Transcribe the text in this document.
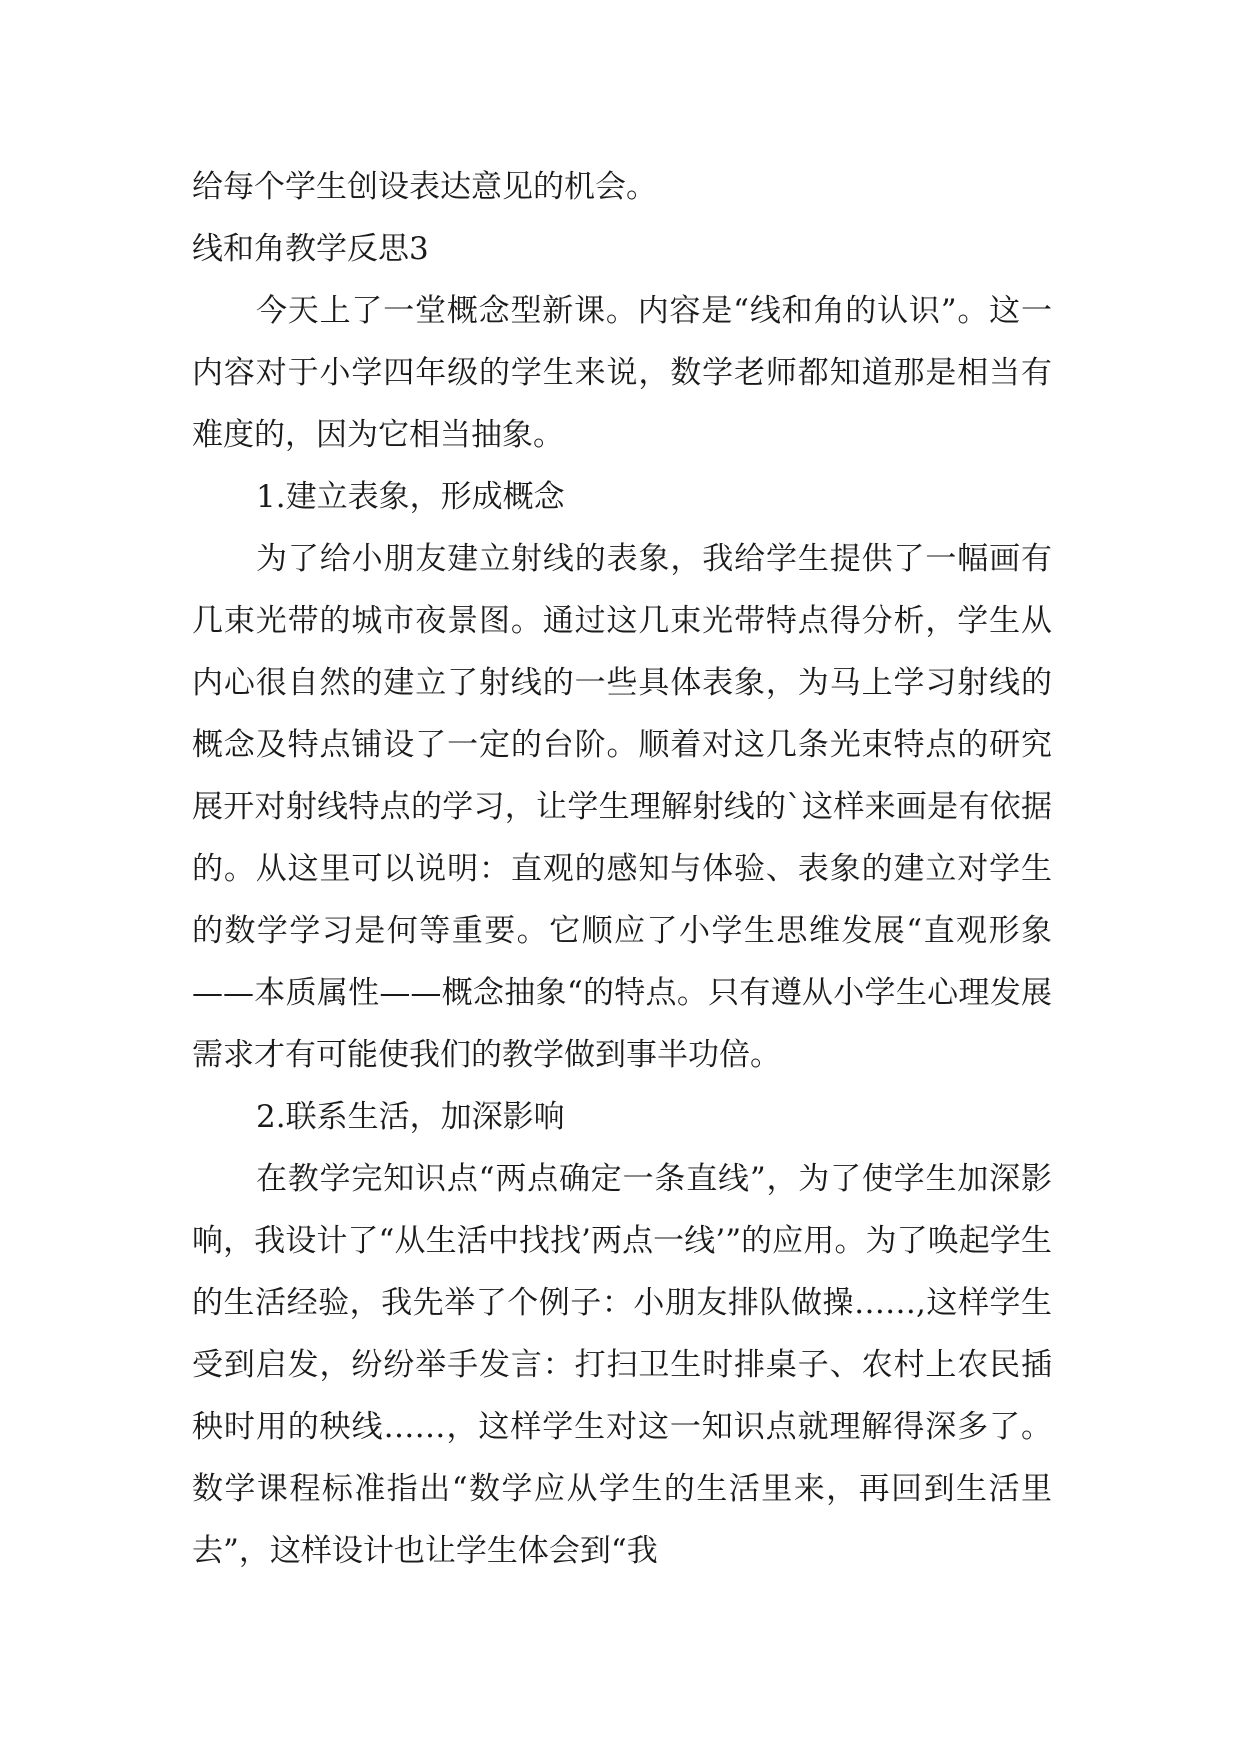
给每个学生创设表达意见的机会。

线和角教学反思3

今天上了一堂概念型新课。内容是“线和角的认识”。这一内容对于小学四年级的学生来说，数学老师都知道那是相当有难度的，因为它相当抽象。

1.建立表象，形成概念

为了给小朋友建立射线的表象，我给学生提供了一幅画有几束光带的城市夜景图。通过这几束光带特点得分析，学生从内心很自然的建立了射线的一些具体表象，为马上学习射线的概念及特点铺设了一定的台阶。顺着对这几条光束特点的研究展开对射线特点的学习，让学生理解射线的`这样来画是有依据的。从这里可以说明：直观的感知与体验、表象的建立对学生的数学学习是何等重要。它顺应了小学生思维发展“直观形象——本质属性——概念抽象“的特点。只有遵从小学生心理发展需求才有可能使我们的教学做到事半功倍。

2.联系生活，加深影响

在教学完知识点“两点确定一条直线”，为了使学生加深影响，我设计了“从生活中找找’两点一线’”的应用。为了唤起学生的生活经验，我先举了个例子：小朋友排队做操……,这样学生受到启发，纷纷举手发言：打扫卫生时排桌子、农村上农民插秧时用的秧线……，这样学生对这一知识点就理解得深多了。数学课程标准指出“数学应从学生的生活里来，再回到生活里去”，这样设计也让学生体会到“我
